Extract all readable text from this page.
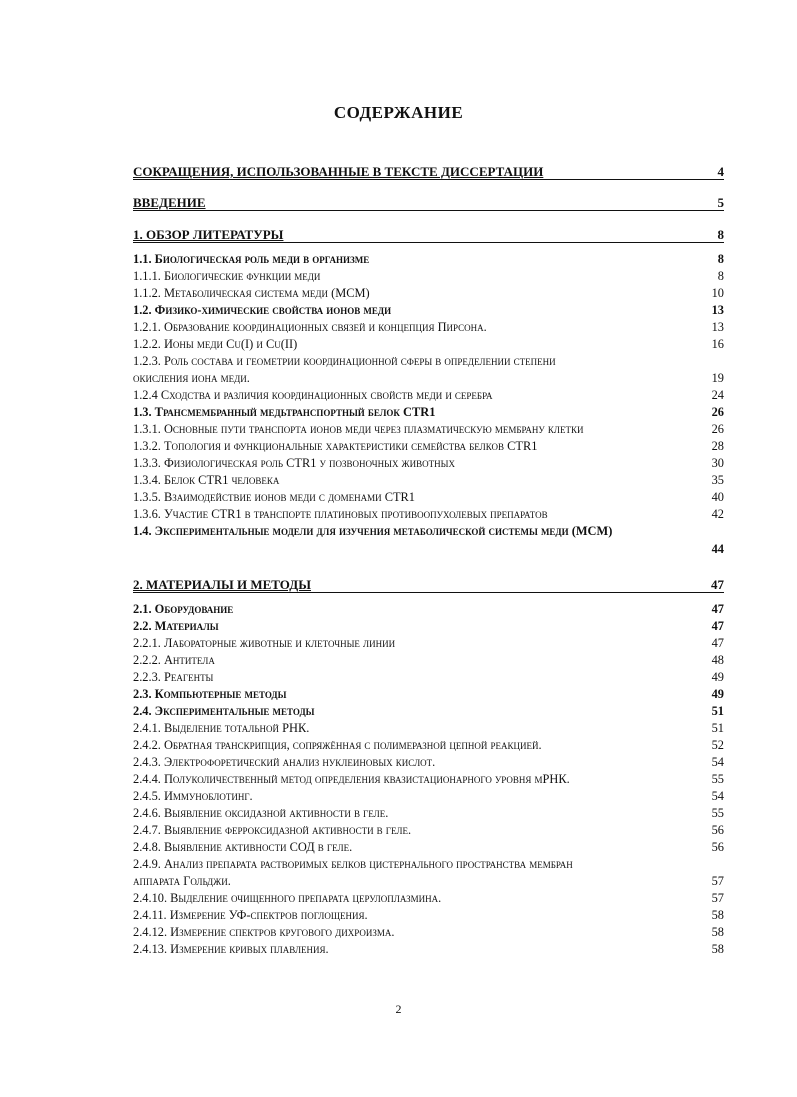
СОДЕРЖАНИЕ
СОКРАЩЕНИЯ, ИСПОЛЬЗОВАННЫЕ В ТЕКСТЕ ДИССЕРТАЦИИ	4
ВВЕДЕНИЕ	5
1. ОБЗОР ЛИТЕРАТУРЫ	8
1.1. Биологическая роль меди в организме	8
1.1.1. Биологические функции меди	8
1.1.2. Метаболическая система меди (МСМ)	10
1.2. Физико-химические свойства ионов меди	13
1.2.1. Образование координационных связей и концепция Пирсона.	13
1.2.2. Ионы меди Cu(I) и Cu(II)	16
1.2.3. Роль состава и геометрии координационной сферы в определении степени
окисления иона меди.	19
1.2.4 Сходства и различия координационных свойств меди и серебра	24
1.3. Трансмембранный медьтранспортный белок CTR1	26
1.3.1. Основные пути транспорта ионов меди через плазматическую мембрану клетки	26
1.3.2. Топология и функциональные характеристики семейства белков CTR1	28
1.3.3. Физиологическая роль CTR1 у позвоночных животных	30
1.3.4. Белок CTR1 человека	35
1.3.5. Взаимодействие ионов меди с доменами CTR1	40
1.3.6. Участие CTR1 в транспорте платиновых противоопухолевых препаратов	42
1.4. Экспериментальные модели для изучения метаболической системы меди (МСМ)
44
2. МАТЕРИАЛЫ И МЕТОДЫ	47
2.1. Оборудование	47
2.2. Материалы	47
2.2.1. Лабораторные животные и клеточные линии	47
2.2.2. Антитела	48
2.2.3. Реагенты	49
2.3. Компьютерные методы	49
2.4. Экспериментальные методы	51
2.4.1. Выделение тотальной РНК.	51
2.4.2. Обратная транскрипция, сопряжённая с полимеразной цепной реакцией.	52
2.4.3. Электрофоретический анализ нуклеиновых кислот.	54
2.4.4. Полуколичественный метод определения квазистационарного уровня мРНК.	55
2.4.5. Иммуноблотинг.	54
2.4.6. Выявление оксидазной активности в геле.	55
2.4.7. Выявление ферроксидазной активности в геле.	56
2.4.8. Выявление активности СОД в геле.	56
2.4.9. Анализ препарата растворимых белков цистернального пространства мембран
аппарата Гольджи.	57
2.4.10. Выделение очищенного препарата церулоплазмина.	57
2.4.11. Измерение УФ-спектров поглощения.	58
2.4.12. Измерение спектров кругового дихроизма.	58
2.4.13. Измерение кривых плавления.	58
2
